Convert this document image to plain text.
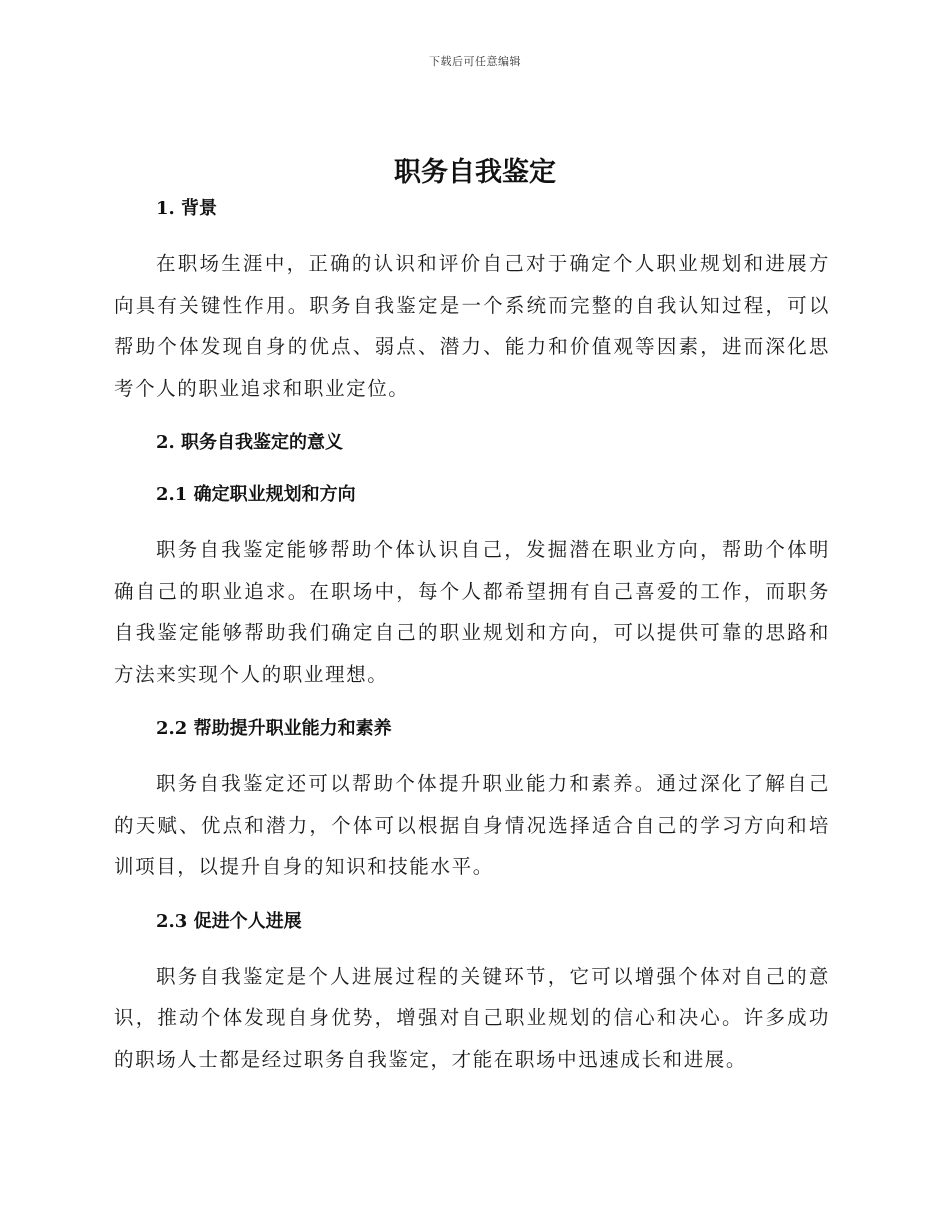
下载后可任意编辑
职务自我鉴定
1. 背景

在职场生涯中，正确的认识和评价自己对于确定个人职业规划和进展方向具有关键性作用。职务自我鉴定是一个系统而完整的自我认知过程，可以帮助个体发现自身的优点、弱点、潜力、能力和价值观等因素，进而深化思考个人的职业追求和职业定位。

2. 职务自我鉴定的意义
2.1 确定职业规划和方向

职务自我鉴定能够帮助个体认识自己，发掘潜在职业方向，帮助个体明确自己的职业追求。在职场中，每个人都希望拥有自己喜爱的工作，而职务自我鉴定能够帮助我们确定自己的职业规划和方向，可以提供可靠的思路和方法来实现个人的职业理想。

2.2 帮助提升职业能力和素养

职务自我鉴定还可以帮助个体提升职业能力和素养。通过深化了解自己的天赋、优点和潜力，个体可以根据自身情况选择适合自己的学习方向和培训项目，以提升自身的知识和技能水平。

2.3 促进个人进展

职务自我鉴定是个人进展过程的关键环节，它可以增强个体对自己的意识，推动个体发现自身优势，增强对自己职业规划的信心和决心。许多成功的职场人士都是经过职务自我鉴定，才能在职场中迅速成长和进展。
